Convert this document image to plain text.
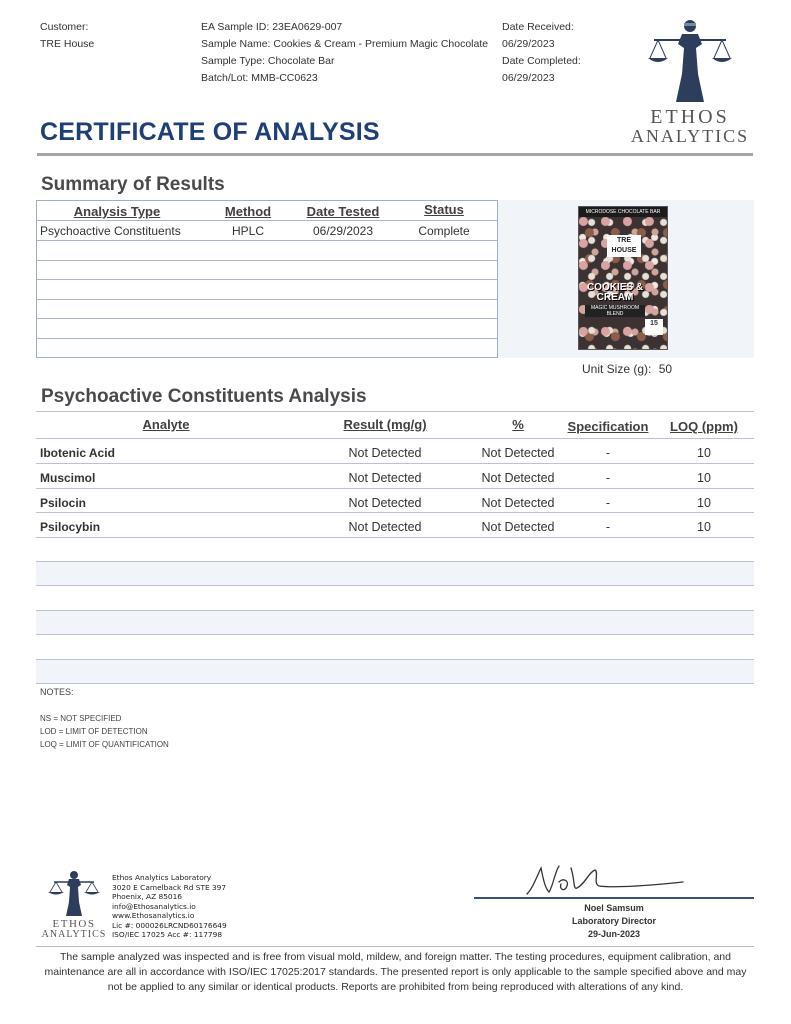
Customer:
TRE House
EA Sample ID: 23EA0629-007
Sample Name: Cookies & Cream - Premium Magic Chocolate
Sample Type: Chocolate Bar
Batch/Lot: MMB-CC0623
Date Received:
06/29/2023
Date Completed:
06/29/2023
ETHOS
ANALYTICS
CERTIFICATE OF ANALYSIS
Summary of Results
Analysis Type	Method	Date Tested	Status
Psychoactive Constituents	HPLC	06/29/2023	Complete
MICRODOSE CHOCOLATE BAR
TRE HOUSE
COOKIES & CREAM
MAGIC MUSHROOM BLEND
15
Unit Size (g): 50
Psychoactive Constituents Analysis
Analyte	Result (mg/g)	%	Specification	LOQ (ppm)
Ibotenic Acid	Not Detected	Not Detected	-	10
Muscimol	Not Detected	Not Detected	-	10
Psilocin	Not Detected	Not Detected	-	10
Psilocybin	Not Detected	Not Detected	-	10
NOTES:
NS = NOT SPECIFIED
LOD = LIMIT OF DETECTION
LOQ = LIMIT OF QUANTIFICATION
ETHOS
ANALYTICS
Ethos Analytics Laboratory
3020 E Camelback Rd STE 397
Phoenix, AZ 85016
info@Ethosanalytics.io
www.Ethosanalytics.io
Lic #: 000026LRCND60176649
ISO/IEC 17025 Acc #: 117798
Noel Samsum
Laboratory Director
29-Jun-2023
The sample analyzed was inspected and is free from visual mold, mildew, and foreign matter. The testing procedures, equipment calibration, and
maintenance are all in accordance with ISO/IEC 17025:2017 standards. The presented report is only applicable to the sample specified above and may
not be applied to any similar or identical products. Reports are prohibited from being reproduced with alterations of any kind.
